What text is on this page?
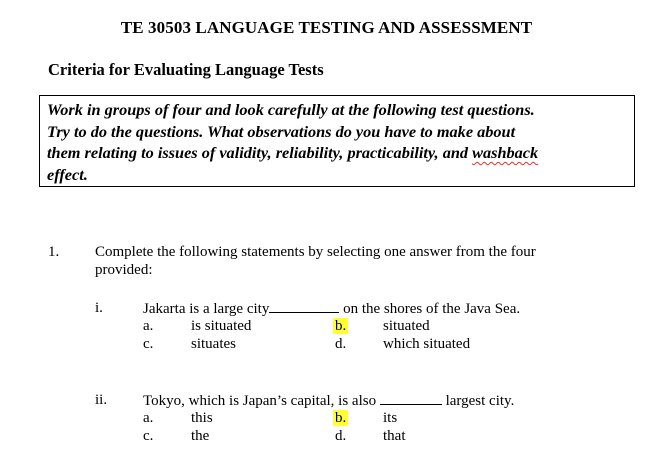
TE 30503 LANGUAGE TESTING AND ASSESSMENT
Criteria for Evaluating Language Tests
Work in groups of four and look carefully at the following test questions.
Try to do the questions. What observations do you have to make about
them relating to issues of validity, reliability, practicability, and washback
effect.
1. Complete the following statements by selecting one answer from the four
provided:
i.	Jakarta is a large city	on the shores of the Java Sea.
a.	is situated	b. situated
c.	situates	d. which situated
ii. Tokyo, which is Japan’s capital, is also	largest city.
a.	this	b. its
c.	the	d. that
